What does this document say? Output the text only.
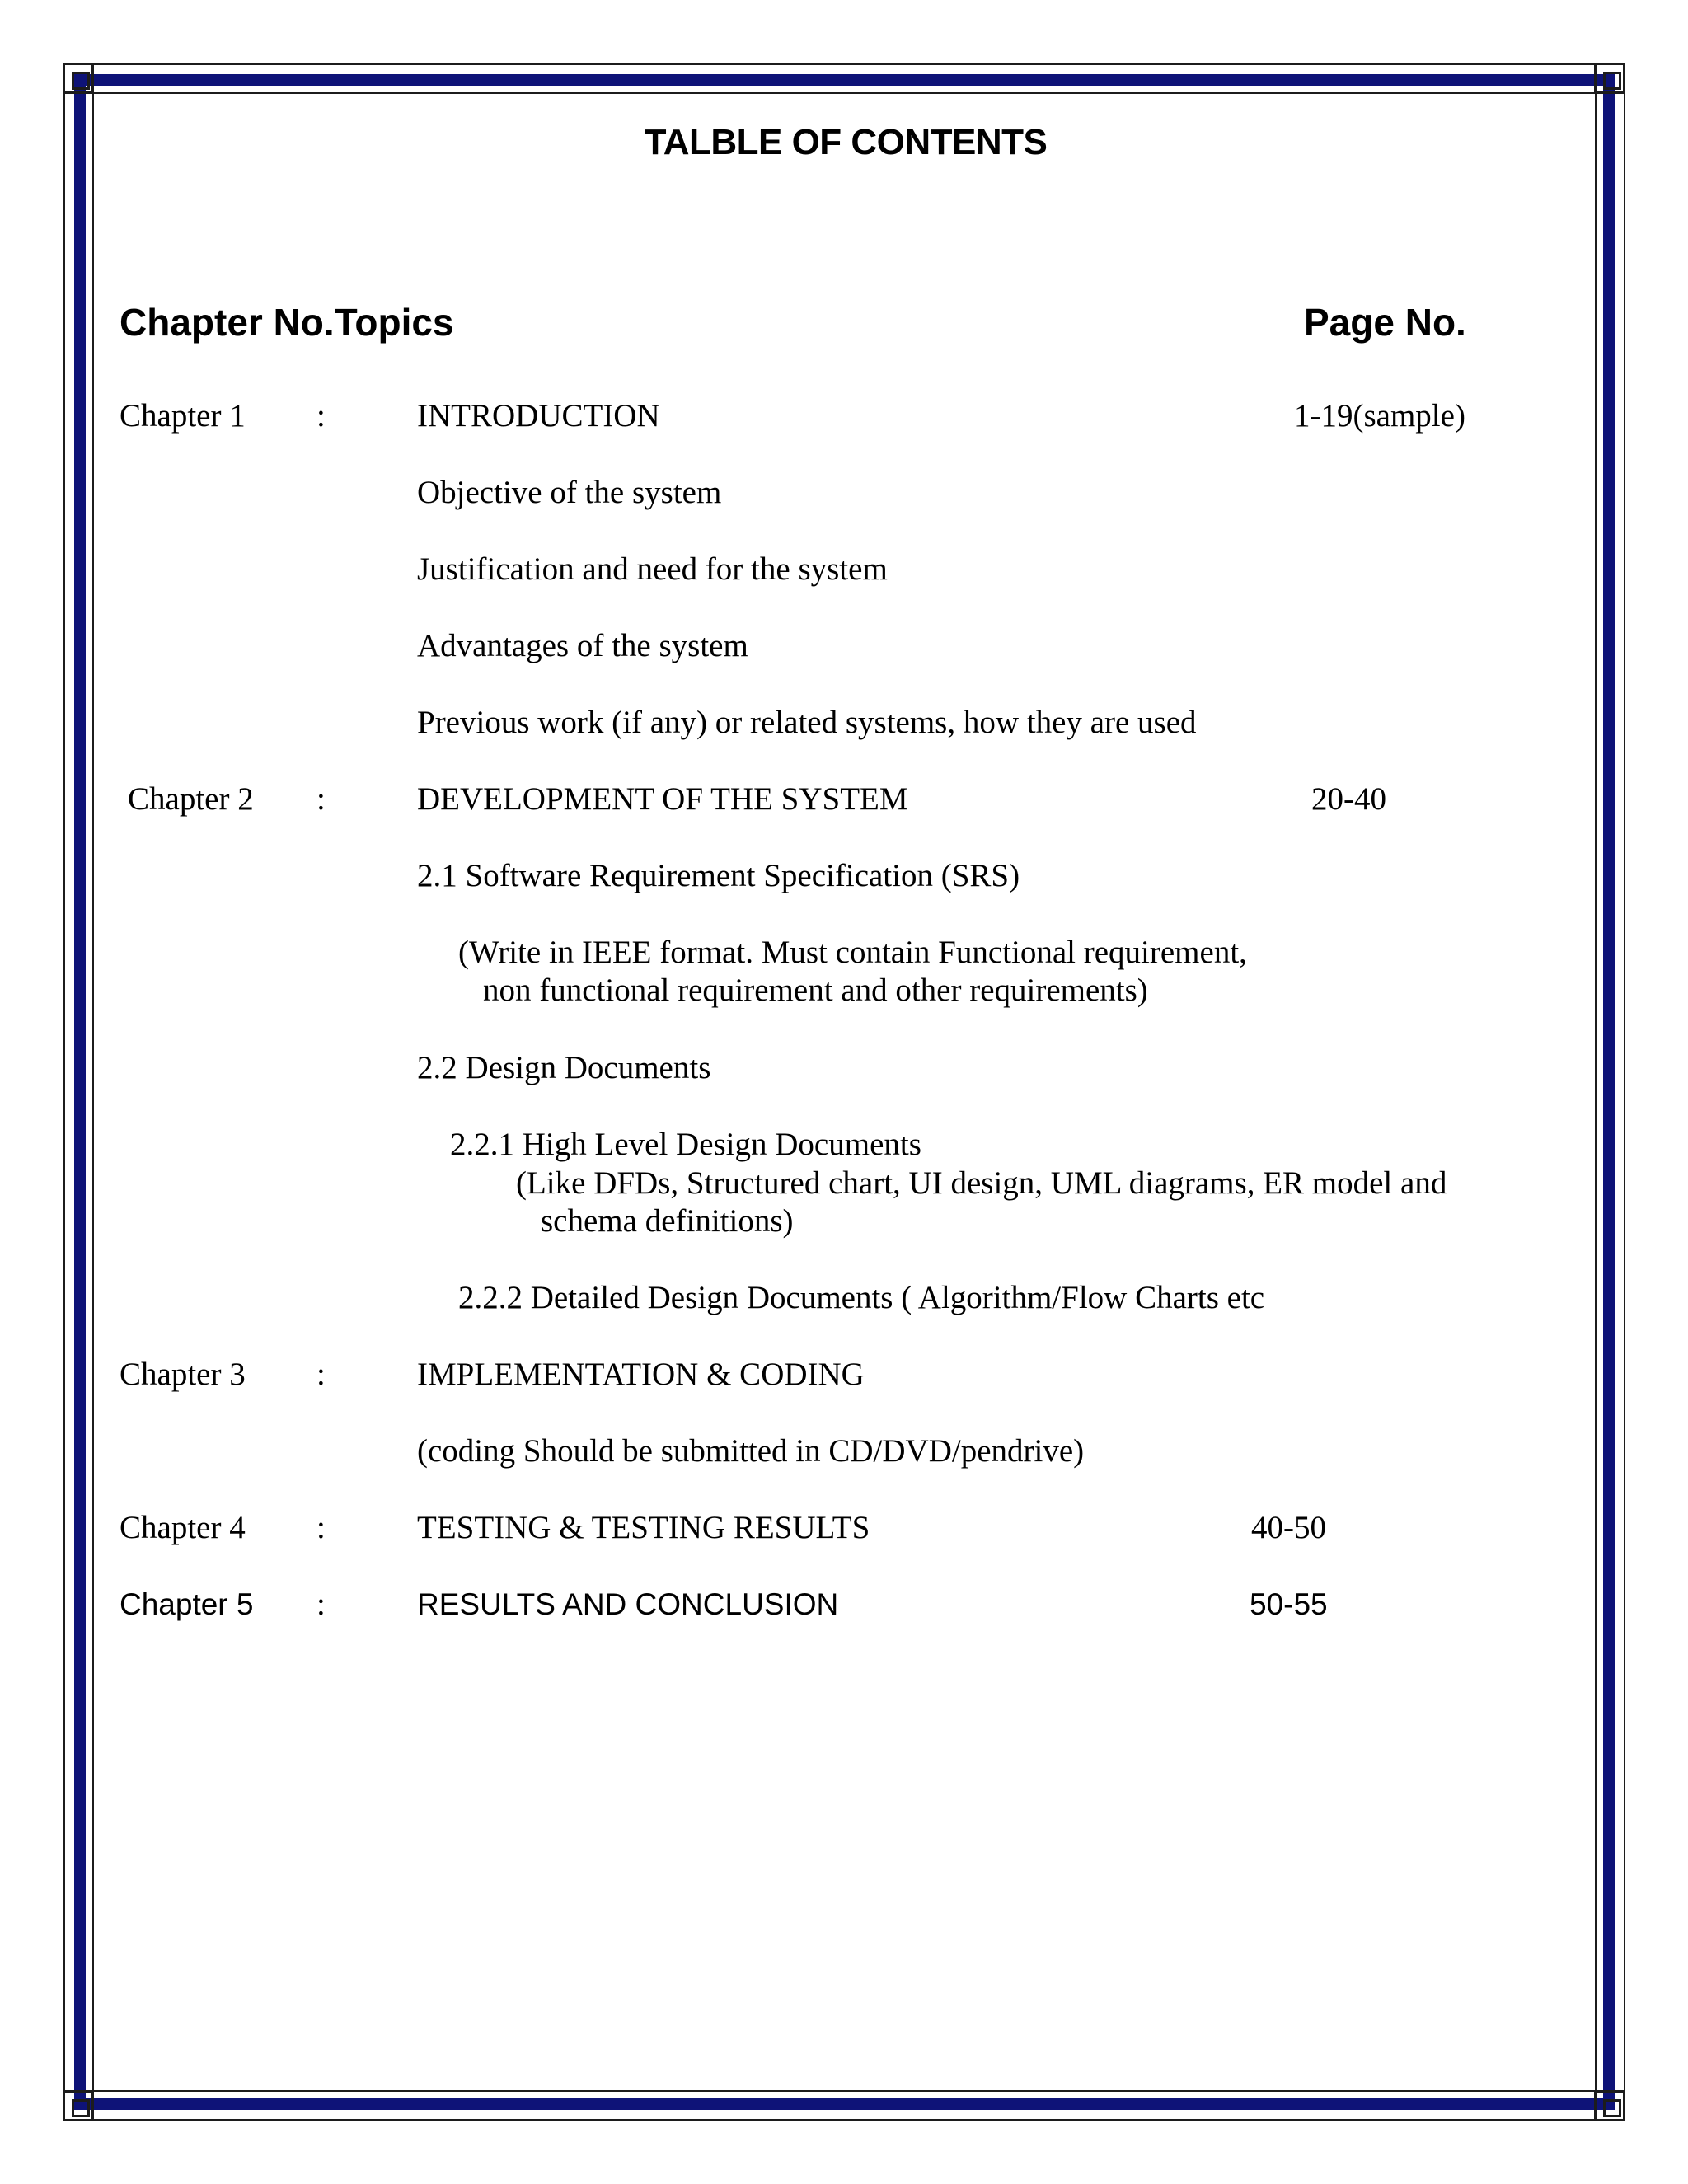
TALBLE OF CONTENTS

Chapter No.Topics	Page No.

Chapter 1 :	INTRODUCTION	1-19(sample)

Objective of the system

Justification and need for the system

Advantages of the system

Previous work (if any) or related systems, how they are used

Chapter 2 :	DEVELOPMENT OF THE SYSTEM	20-40

2.1 Software Requirement Specification (SRS)

(Write in IEEE format. Must contain Functional requirement,

non functional requirement and other requirements)

2.2 Design Documents

2.2.1 High Level Design Documents

(Like DFDs, Structured chart, UI design, UML diagrams, ER model and

schema definitions)

2.2.2 Detailed Design Documents ( Algorithm/Flow Charts etc

Chapter 3 :	IMPLEMENTATION & CODING

(coding Should be submitted in CD/DVD/pendrive)

Chapter 4 :	TESTING & TESTING RESULTS	40-50

Chapter 5 :	RESULTS AND CONCLUSION	50-55
